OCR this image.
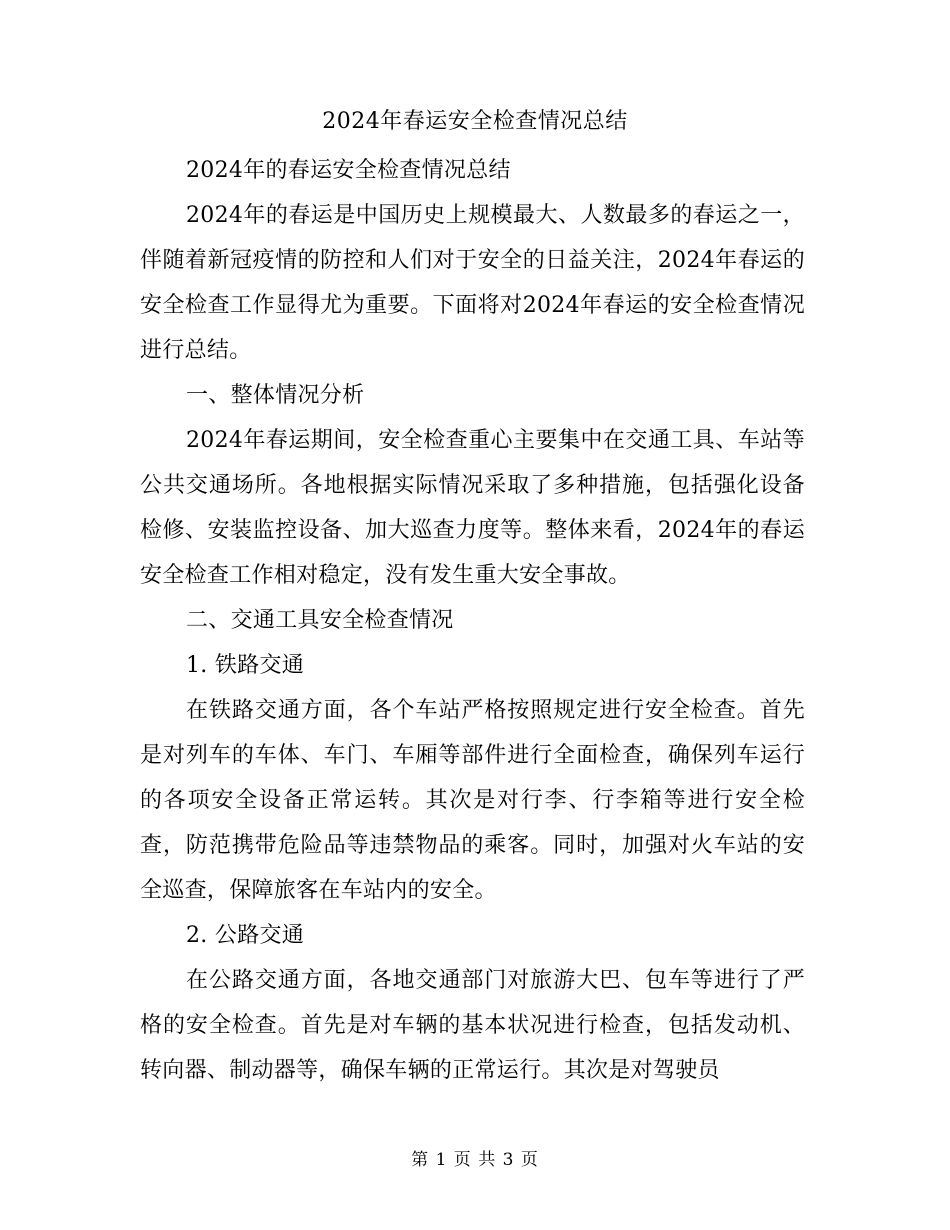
2024年春运安全检查情况总结

2024年的春运安全检查情况总结

2024年的春运是中国历史上规模最大、人数最多的春运之一，伴随着新冠疫情的防控和人们对于安全的日益关注，2024年春运的安全检查工作显得尤为重要。下面将对2024年春运的安全检查情况进行总结。

一、整体情况分析

2024年春运期间，安全检查重心主要集中在交通工具、车站等公共交通场所。各地根据实际情况采取了多种措施，包括强化设备检修、安装监控设备、加大巡查力度等。整体来看，2024年的春运安全检查工作相对稳定，没有发生重大安全事故。

二、交通工具安全检查情况

1. 铁路交通

在铁路交通方面，各个车站严格按照规定进行安全检查。首先是对列车的车体、车门、车厢等部件进行全面检查，确保列车运行的各项安全设备正常运转。其次是对行李、行李箱等进行安全检查，防范携带危险品等违禁物品的乘客。同时，加强对火车站的安全巡查，保障旅客在车站内的安全。

2. 公路交通

在公路交通方面，各地交通部门对旅游大巴、包车等进行了严格的安全检查。首先是对车辆的基本状况进行检查，包括发动机、转向器、制动器等，确保车辆的正常运行。其次是对驾驶员

第 1 页 共 3 页
